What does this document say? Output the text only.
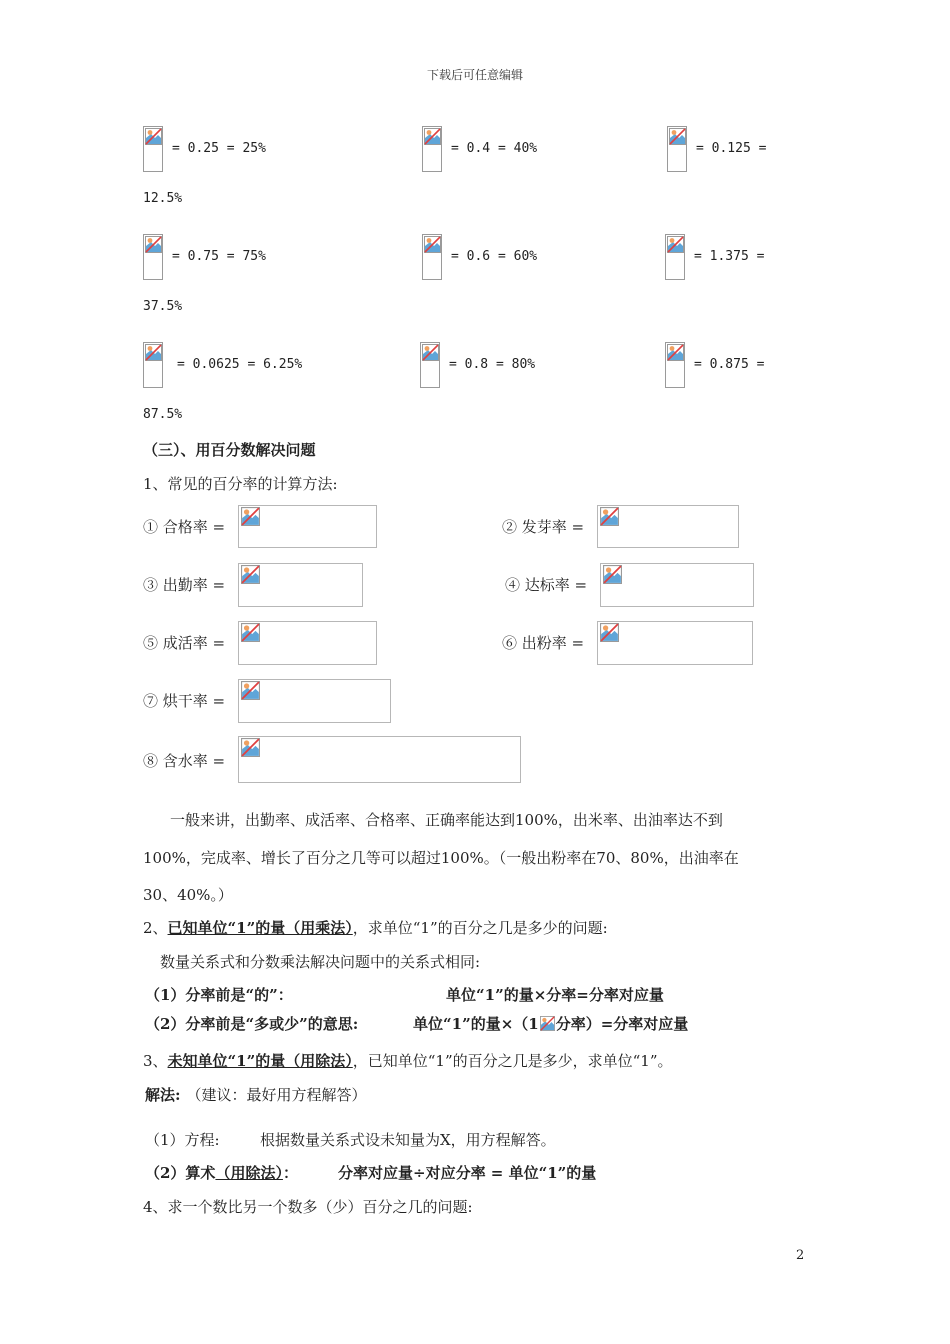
下载后可任意编辑
= 0.25 = 25%	= 0.4 = 40%	= 0.125 =
12.5%
= 0.75 = 75%	= 0.6 = 60%	= 1.375 =
37.5%
= 0.0625 = 6.25%	= 0.8 = 80%	= 0.875 =
87.5%
（三）、用百分数解决问题
1、常见的百分率的计算方法:
① 合格率 =	② 发芽率 =
③ 出勤率 =	④ 达标率 =
⑤ 成活率 =	⑥ 出粉率 =
⑦ 烘干率 =
⑧ 含水率 =
一般来讲，出勤率、成活率、合格率、正确率能达到100%，出米率、出油率达不到
100%，完成率、增长了百分之几等可以超过100%。（一般出粉率在70、80%，出油率在
30、40%。）
2、已知单位“1”的量（用乘法），求单位“1”的百分之几是多少的问题:
数量关系式和分数乘法解决问题中的关系式相同:
（1）分率前是“的”：	单位“1”的量×分率=分率对应量
（2）分率前是“多或少”的意思:	单位“1”的量×（1 分率）=分率对应量
3、未知单位“1”的量（用除法），已知单位“1”的百分之几是多少，求单位“1”。
解法: （建议：最好用方程解答）
（1）方程:	根据数量关系式设未知量为X，用方程解答。
（2）算术（用除法）：	分率对应量÷对应分率 = 单位“1”的量
4、求一个数比另一个数多（少）百分之几的问题:
2
